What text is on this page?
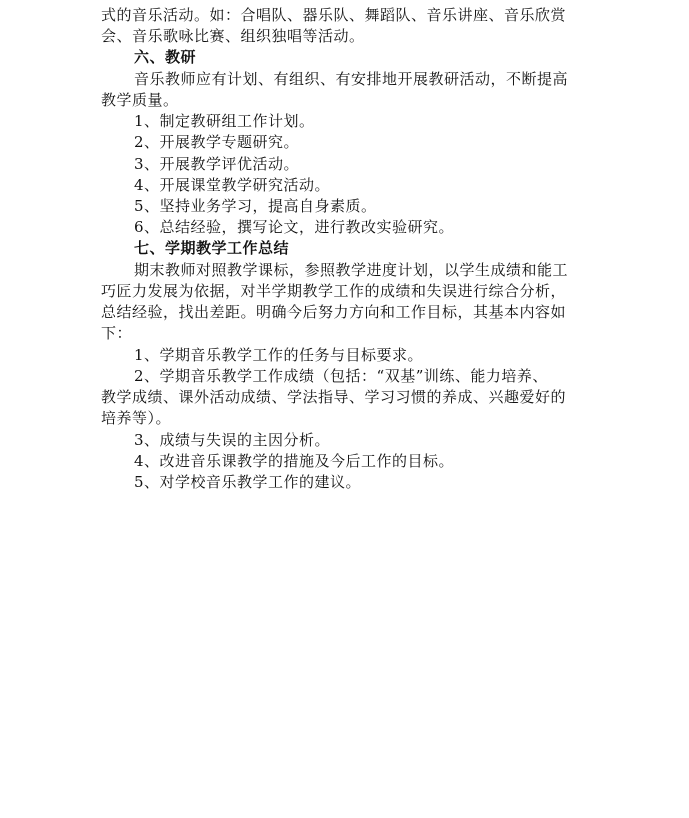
式的音乐活动。如：合唱队、器乐队、舞蹈队、音乐讲座、音乐欣赏
会、音乐歌咏比赛、组织独唱等活动。
六、教研
音乐教师应有计划、有组织、有安排地开展教研活动，不断提高
教学质量。
1、制定教研组工作计划。
2、开展教学专题研究。
3、开展教学评优活动。
4、开展课堂教学研究活动。
5、坚持业务学习，提高自身素质。
6、总结经验，撰写论文，进行教改实验研究。
七、学期教学工作总结
期末教师对照教学课标，参照教学进度计划，以学生成绩和能工
巧匠力发展为依据，对半学期教学工作的成绩和失误进行综合分析，
总结经验，找出差距。明确今后努力方向和工作目标，其基本内容如
下：
1、学期音乐教学工作的任务与目标要求。
2、学期音乐教学工作成绩（包括：“双基”训练、能力培养、
教学成绩、课外活动成绩、学法指导、学习习惯的养成、兴趣爱好的
培养等）。
3、成绩与失误的主因分析。
4、改进音乐课教学的措施及今后工作的目标。
5、对学校音乐教学工作的建议。
